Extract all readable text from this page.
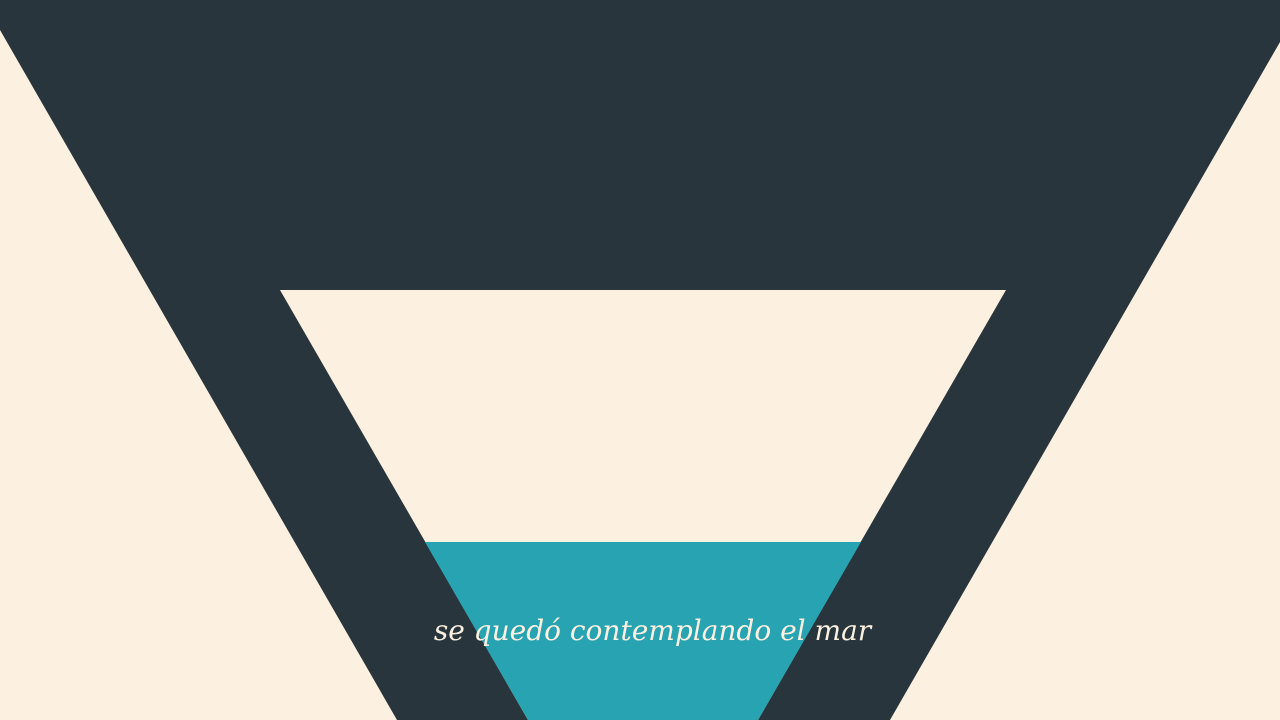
se quedó contemplando el mar
